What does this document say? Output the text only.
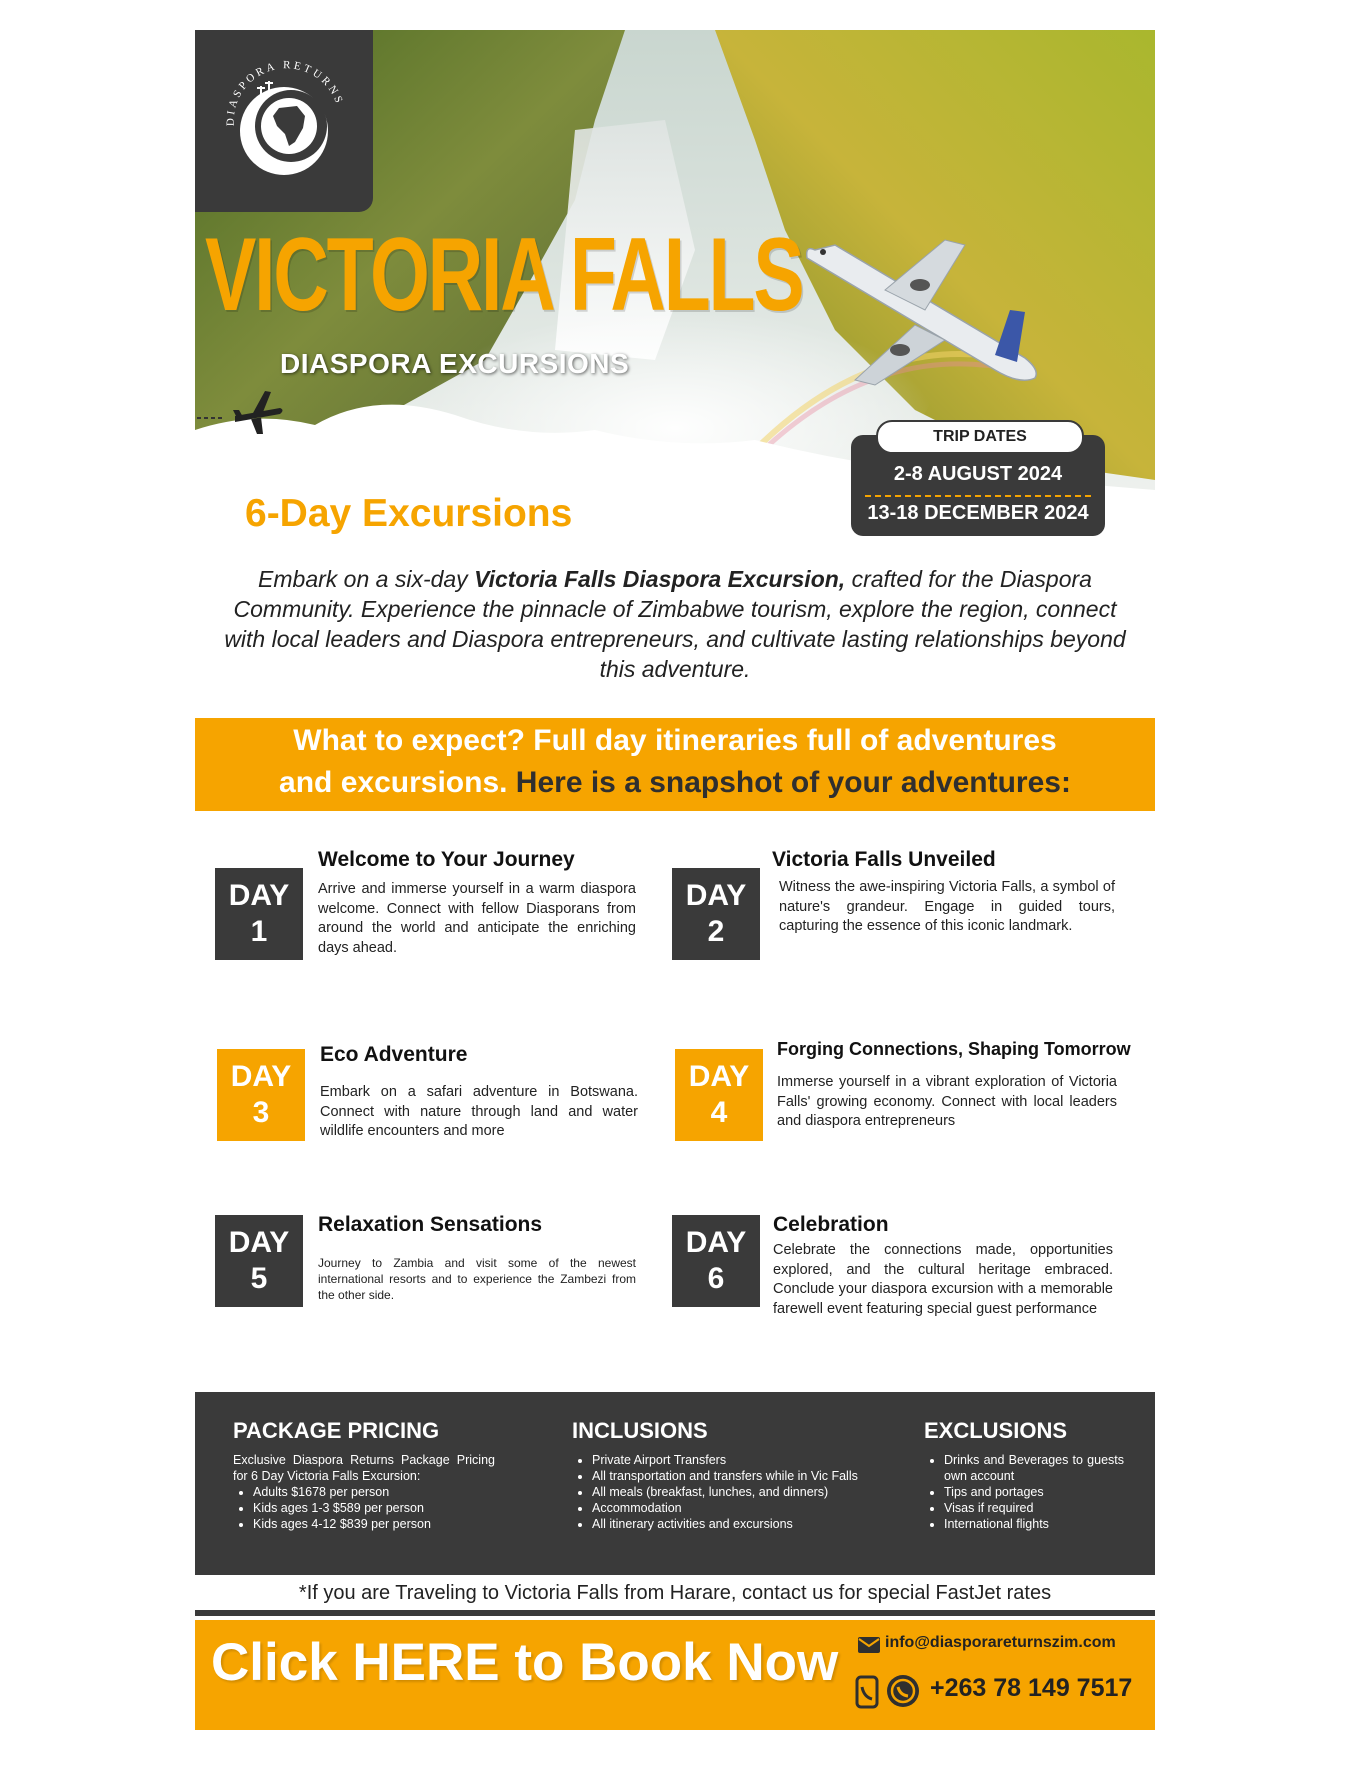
DIASPORA RETURNS
VICTORIA FALLS
DIASPORA EXCURSIONS
6-Day Excursions
TRIP DATES
2-8 AUGUST 2024
13-18 DECEMBER 2024
Embark on a six-day Victoria Falls Diaspora Excursion, crafted for the Diaspora Community. Experience the pinnacle of Zimbabwe tourism, explore the region, connect with local leaders and Diaspora entrepreneurs, and cultivate lasting relationships beyond this adventure.
What to expect? Full day itineraries full of adventures
and excursions. Here is a snapshot of your adventures:
DAY
1
Welcome to Your Journey
Arrive and immerse yourself in a warm diaspora welcome. Connect with fellow Diasporans from around the world and anticipate the enriching days ahead.
DAY
2
Victoria Falls Unveiled
Witness the awe-inspiring Victoria Falls, a symbol of nature's grandeur. Engage in guided tours, capturing the essence of this iconic landmark.
DAY
3
Eco Adventure
Embark on a safari adventure in Botswana. Connect with nature through land and water wildlife encounters and more
DAY
4
Forging Connections, Shaping Tomorrow
Immerse yourself in a vibrant exploration of Victoria Falls' growing economy. Connect with local leaders and diaspora entrepreneurs
DAY
5
Relaxation Sensations
Journey to Zambia and visit some of the newest international resorts and to experience the Zambezi from the other side.
DAY
6
Celebration
Celebrate the connections made, opportunities explored, and the cultural heritage embraced. Conclude your diaspora excursion with a memorable farewell event featuring special guest performance
PACKAGE PRICING

Exclusive Diaspora Returns Package Pricing for 6 Day Victoria Falls Excursion:

• Adults $1678 per person
• Kids ages 1-3 $589 per person
• Kids ages 4-12 $839 per person
INCLUSIONS
• Private Airport Transfers
• All transportation and transfers while in Vic Falls
• All meals (breakfast, lunches, and dinners)
• Accommodation
• All itinerary activities and excursions
EXCLUSIONS
• Drinks and Beverages to guests own account
• Tips and portages
• Visas if required
• International flights
*If you are Traveling to Victoria Falls from Harare, contact us for special FastJet rates
Click HERE to Book Now	info@diasporareturnszim.com
+263 78 149 7517
